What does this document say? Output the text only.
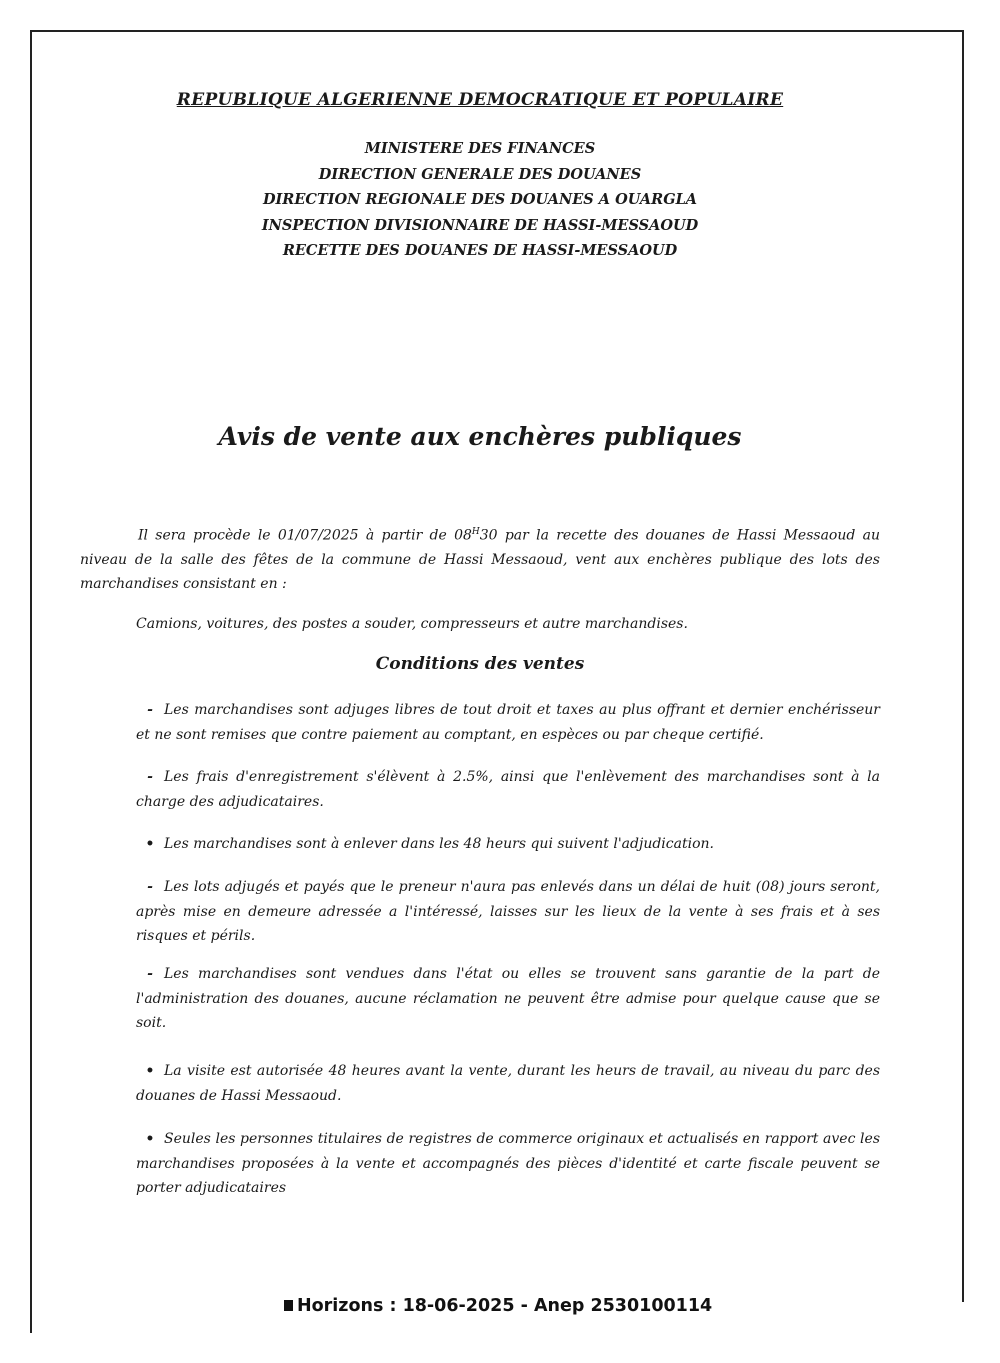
REPUBLIQUE ALGERIENNE DEMOCRATIQUE ET POPULAIRE
MINISTERE DES FINANCES
DIRECTION GENERALE DES DOUANES
DIRECTION REGIONALE DES DOUANES A OUARGLA
INSPECTION DIVISIONNAIRE DE HASSI-MESSAOUD
RECETTE DES DOUANES DE HASSI-MESSAOUD
Avis de vente aux enchères publiques
Il sera procède le 01/07/2025 à partir de $08^H30$ par la recette des douanes de Hassi Messaoud au niveau de la salle des fêtes de la commune de Hassi Messaoud, vent aux enchères publique des lots des marchandises consistant en :
Camions, voitures, des postes a souder, compresseurs et autre marchandises.
Conditions des ventes
- Les marchandises sont adjuges libres de tout droit et taxes au plus offrant et dernier enchérisseur et ne sont remises que contre paiement au comptant, en espèces ou par cheque certifié.
- Les frais d'enregistrement s'élèvent à 2.5%, ainsi que l'enlèvement des marchandises sont à la charge des adjudicataires.
• Les marchandises sont à enlever dans les 48 heurs qui suivent l'adjudication.
- Les lots adjugés et payés que le preneur n'aura pas enlevés dans un délai de huit (08) jours seront, après mise en demeure adressée a l'intéressé, laisses sur les lieux de la vente à ses frais et à ses risques et périls.
- Les marchandises sont vendues dans l'état ou elles se trouvent sans garantie de la part de l'administration des douanes, aucune réclamation ne peuvent être admise pour quelque cause que se soit.
• La visite est autorisée 48 heures avant la vente, durant les heurs de travail, au niveau du parc des douanes de Hassi Messaoud.
• Seules les personnes titulaires de registres de commerce originaux et actualisés en rapport avec les marchandises proposées à la vente et accompagnés des pièces d'identité et carte fiscale peuvent se porter adjudicataires
Horizons : 18-06-2025 - Anep 2530100114
